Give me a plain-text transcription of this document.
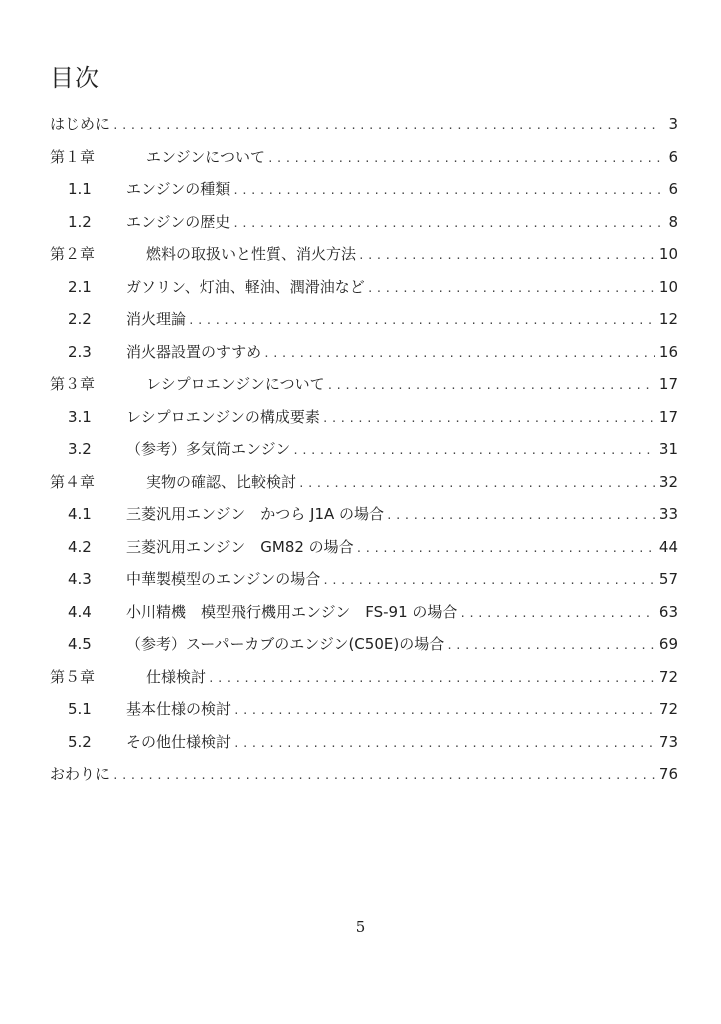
目次
はじめに .....	3
第１章	エンジンについて .....	6
1.1	エンジンの種類 .....	6
1.2	エンジンの歴史 .....	8
第２章	燃料の取扱いと性質、消火方法 .....	10
2.1	ガソリン、灯油、軽油、潤滑油など .....	10
2.2	消火理論 .....	12
2.3	消火器設置のすすめ .....	16
第３章	レシプロエンジンについて .....	17
3.1	レシプロエンジンの構成要素 .....	17
3.2	（参考）多気筒エンジン .....	31
第４章	実物の確認、比較検討 .....	32
4.1	三菱汎用エンジン　かつら J1A の場合 .....	33
4.2	三菱汎用エンジン　GM82 の場合 .....	44
4.3	中華製模型のエンジンの場合 .....	57
4.4	小川精機　模型飛行機用エンジン　FS-91 の場合 .....	63
4.5	（参考）スーパーカブのエンジン(C50E)の場合 .....	69
第５章	仕様検討 .....	72
5.1	基本仕様の検討 .....	72
5.2	その他仕様検討 .....	73
おわりに .....	76
5
